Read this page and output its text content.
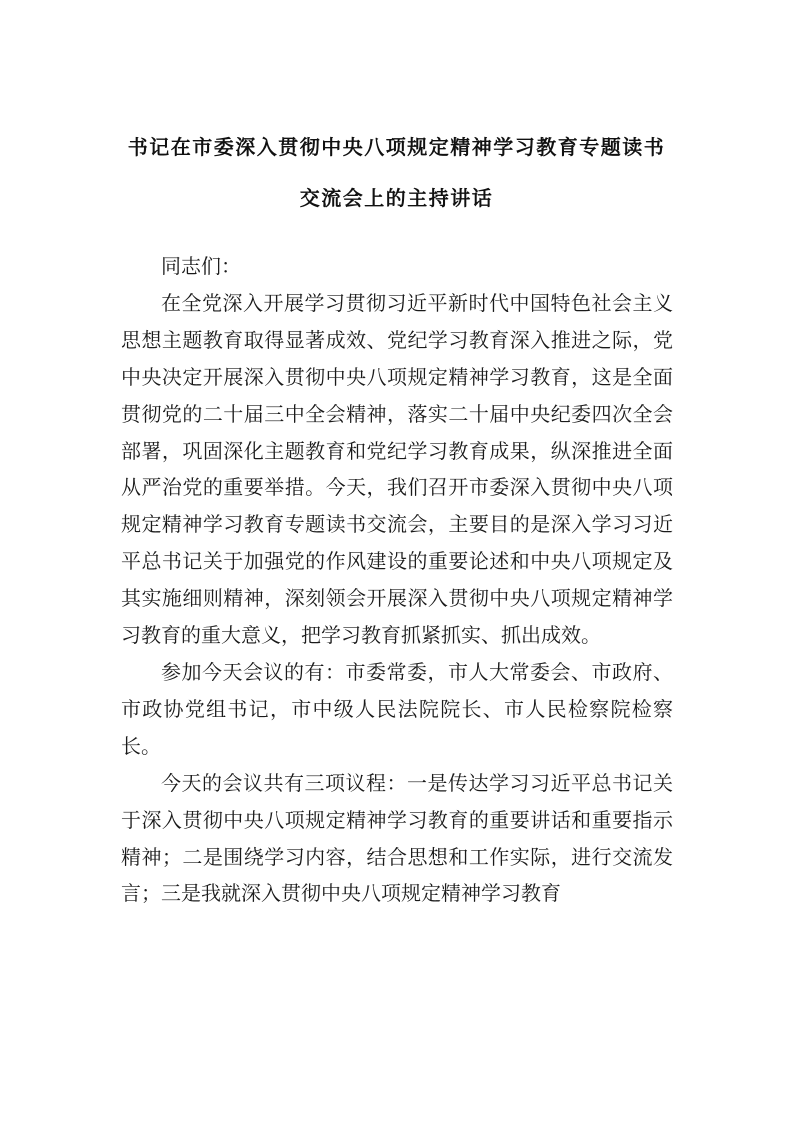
书记在市委深入贯彻中央八项规定精神学习教育专题读书
交流会上的主持讲话

同志们：

在全党深入开展学习贯彻习近平新时代中国特色社会主义思想主题教育取得显著成效、党纪学习教育深入推进之际，党中央决定开展深入贯彻中央八项规定精神学习教育，这是全面贯彻党的二十届三中全会精神，落实二十届中央纪委四次全会部署，巩固深化主题教育和党纪学习教育成果，纵深推进全面从严治党的重要举措。今天，我们召开市委深入贯彻中央八项规定精神学习教育专题读书交流会，主要目的是深入学习习近平总书记关于加强党的作风建设的重要论述和中央八项规定及其实施细则精神，深刻领会开展深入贯彻中央八项规定精神学习教育的重大意义，把学习教育抓紧抓实、抓出成效。

参加今天会议的有：市委常委，市人大常委会、市政府、市政协党组书记，市中级人民法院院长、市人民检察院检察长。

今天的会议共有三项议程：一是传达学习习近平总书记关于深入贯彻中央八项规定精神学习教育的重要讲话和重要指示精神；二是围绕学习内容，结合思想和工作实际，进行交流发言；三是我就深入贯彻中央八项规定精神学习教育
